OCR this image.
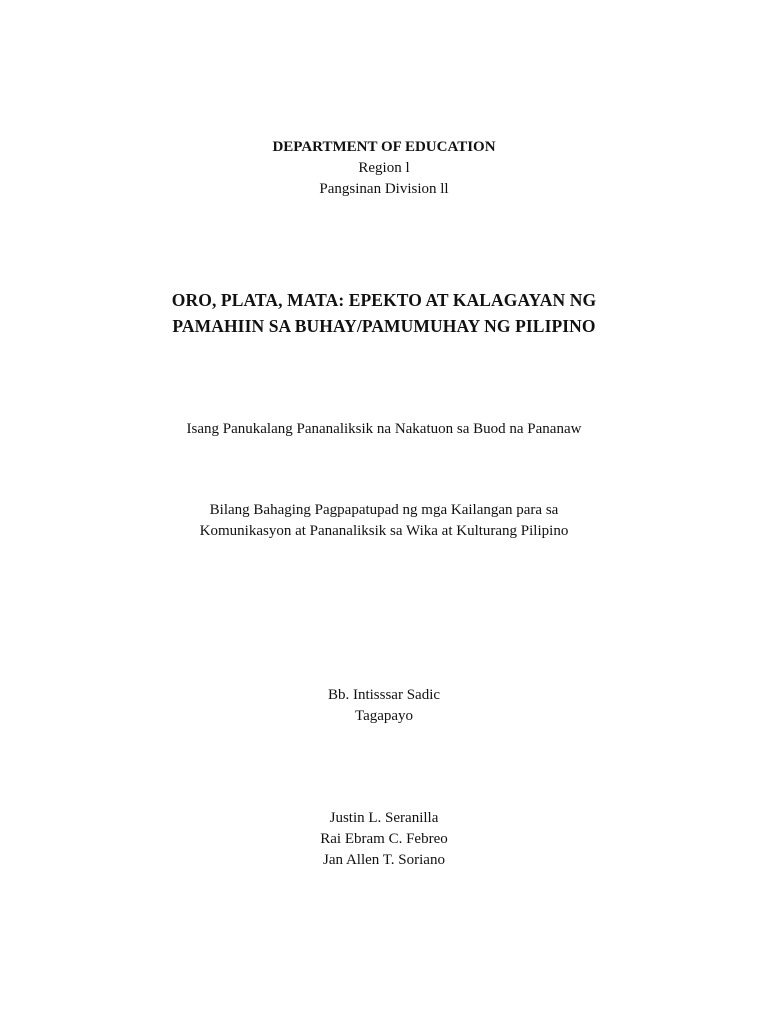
DEPARTMENT OF EDUCATION
Region l
Pangsinan Division ll
ORO, PLATA, MATA: EPEKTO AT KALAGAYAN NG
PAMAHIIN SA BUHAY/PAMUMUHAY NG PILIPINO
Isang Panukalang Pananaliksik na Nakatuon sa Buod na Pananaw
Bilang Bahaging Pagpapatupad ng mga Kailangan para sa
Komunikasyon at Pananaliksik sa Wika at Kulturang Pilipino
Bb. Intisssar Sadic
Tagapayo
Justin L. Seranilla
Rai Ebram C. Febreo
Jan Allen T. Soriano
